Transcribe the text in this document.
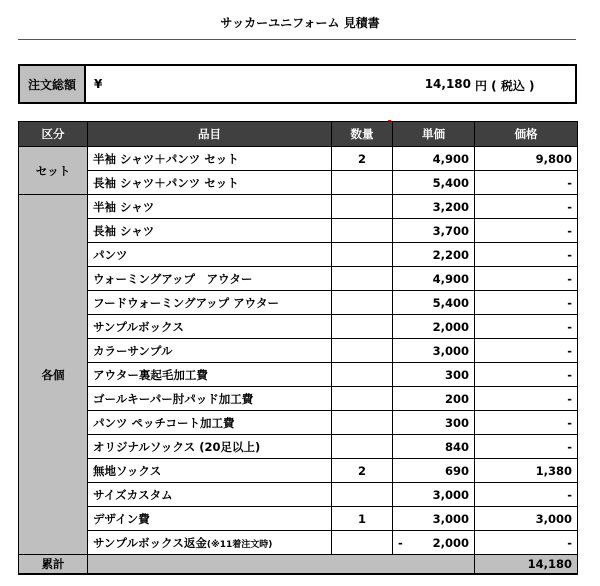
サッカーユニフォーム 見積書
注文総額	¥	14,180 円 ( 税込 )
区分	品目	数量	単価	価格
セット	半袖 シャツ＋パンツ セット	2	4,900	9,800
	長袖 シャツ＋パンツ セット		5,400	-
各個	半袖 シャツ		3,200	-
	長袖 シャツ		3,700	-
	パンツ		2,200	-
	ウォーミングアップ　アウター		4,900	-
	フードウォーミングアップ アウター		5,400	-
	サンプルボックス		2,000	-
	カラーサンプル		3,000	-
	アウター裏起毛加工費		300	-
	ゴールキーパー肘パッド加工費		200	-
	パンツ ペッチコート加工費		300	-
	オリジナルソックス (20足以上)		840	-
	無地ソックス	2	690	1,380
	サイズカスタム		3,000	-
	デザイン費	1	3,000	3,000
	サンプルボックス返金(※11着注文時)		- 2,000	-
累計				14,180
